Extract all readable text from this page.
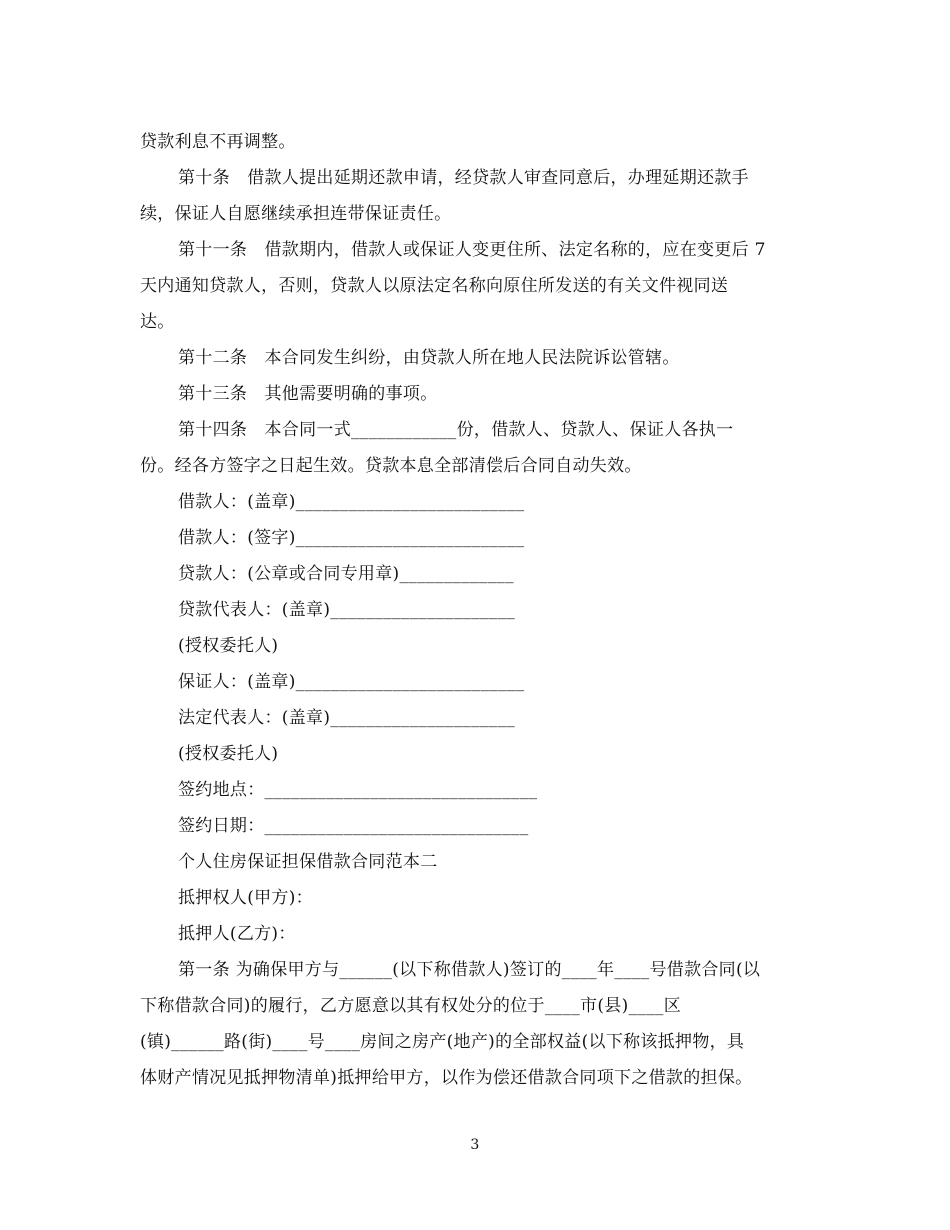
贷款利息不再调整。
第十条　借款人提出延期还款申请，经贷款人审查同意后，办理延期还款手
续，保证人自愿继续承担连带保证责任。
第十一条　借款期内，借款人或保证人变更住所、法定名称的，应在变更后 7
天内通知贷款人，否则，贷款人以原法定名称向原住所发送的有关文件视同送
达。
第十二条　本合同发生纠纷，由贷款人所在地人民法院诉讼管辖。
第十三条　其他需要明确的事项。
第十四条　本合同一式____________份，借款人、贷款人、保证人各执一
份。经各方签字之日起生效。贷款本息全部清偿后合同自动失效。
借款人：(盖章)__________________________
借款人：(签字)__________________________
贷款人：(公章或合同专用章)_____________
贷款代表人：(盖章)_____________________
(授权委托人)
保证人：(盖章)__________________________
法定代表人：(盖章)_____________________
(授权委托人)
签约地点：_______________________________
签约日期：______________________________
个人住房保证担保借款合同范本二
抵押权人(甲方)：
抵押人(乙方)：
第一条 为确保甲方与______(以下称借款人)签订的____年____号借款合同(以
下称借款合同)的履行，乙方愿意以其有权处分的位于____市(县)____区
(镇)______路(街)____号____房间之房产(地产)的全部权益(以下称该抵押物，具
体财产情况见抵押物清单)抵押给甲方，以作为偿还借款合同项下之借款的担保。
3
